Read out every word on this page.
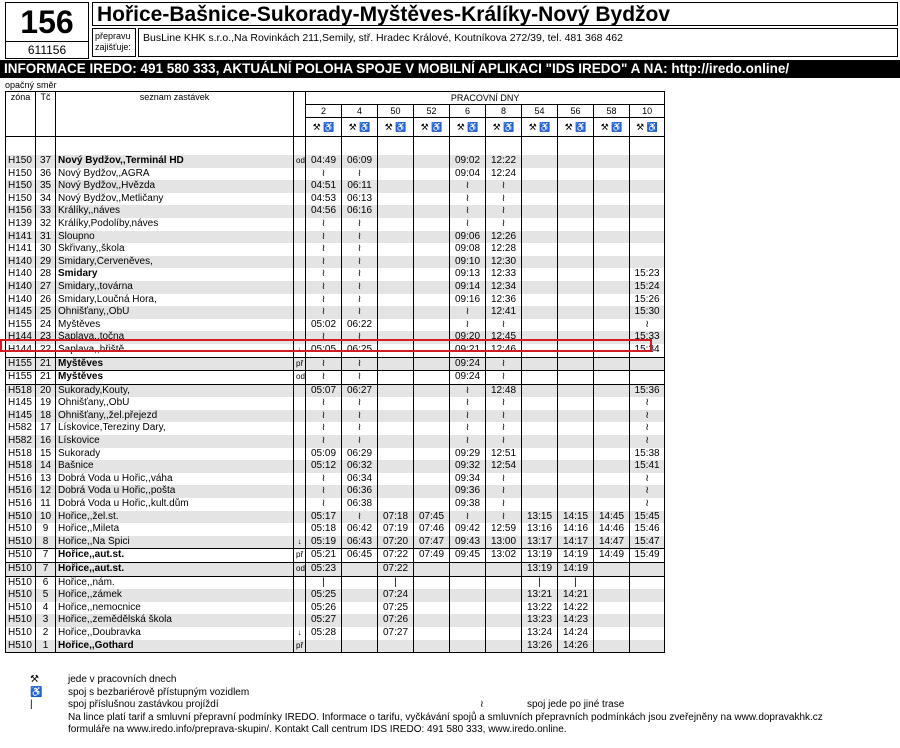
156
611156
Hořice-Bašnice-Sukorady-Myštěves-Králíky-Nový Bydžov
přepravu zajišťuje:
BusLine KHK s.r.o.,Na Rovinkách 211,Semily, stř. Hradec Králové, Koutníkova 272/39, tel. 481 368 462
INFORMACE IREDO: 491 580 333, AKTUÁLNÍ POLOHA SPOJE V MOBILNÍ APLIKACI "IDS IREDO" A NA: http://iredo.online/
opačný směr
zóna	Tč	seznam zastávek		PRACOVNÍ DNY									
				2	4	50	52	6	8	54	56	58	10
				⚒ ♿	⚒ ♿	⚒ ♿	⚒ ♿	⚒ ♿	⚒ ♿	⚒ ♿	⚒ ♿	⚒ ♿	⚒ ♿

H150	37	Nový Bydžov,,Terminál HD	od	04:49	06:09			09:02	12:22				
H150	36	Nový Bydžov,,AGRA		≀	≀			09:04	12:24				
H150	35	Nový Bydžov,,Hvězda		04:51	06:11			≀	≀				
H150	34	Nový Bydžov,,Metličany		04:53	06:13			≀	≀				
H156	33	Králíky,,náves		04:56	06:16			≀	≀				
H139	32	Králíky,Podolíby,náves		≀	≀			≀	≀				
H141	31	Sloupno		≀	≀			09:06	12:26				
H141	30	Skřivany,,škola		≀	≀			09:08	12:28				
H140	29	Smidary,Červeněves,		≀	≀			09:10	12:30				
H140	28	Smidary		≀	≀			09:13	12:33				15:23
H140	27	Smidary,,továrna		≀	≀			09:14	12:34				15:24
H140	26	Smidary,Loučná Hora,		≀	≀			09:16	12:36				15:26
H145	25	Ohnišťany,,ObÚ		≀	≀			≀	12:41				15:30
H155	24	Myštěves		05:02	06:22			≀	≀				≀
H144	23	Šaplava,,točna		≀	≀			09:20	12:45				15:33
H144	22	Šaplava,,hřiště	↓	05:05	06:25			09:21	12:46				15:34
H155	21	Myštěves	př	≀	≀			09:24	≀				
H155	21	Myštěves	od	≀	≀			09:24	≀				
H518	20	Sukorady,Kouty,		05:07	06:27			≀	12:48				15:36
H145	19	Ohnišťany,,ObÚ		≀	≀			≀	≀				≀
H145	18	Ohnišťany,,žel.přejezd		≀	≀			≀	≀				≀
H582	17	Lískovice,Tereziny Dary,		≀	≀			≀	≀				≀
H582	16	Lískovice		≀	≀			≀	≀				≀
H518	15	Sukorady		05:09	06:29			09:29	12:51				15:38
H518	14	Bašnice		05:12	06:32			09:32	12:54				15:41
H516	13	Dobrá Voda u Hořic,,váha		≀	06:34			09:34	≀				≀
H516	12	Dobrá Voda u Hořic,,pošta		≀	06:36			09:36	≀				≀
H516	11	Dobrá Voda u Hořic,,kult.dům		≀	06:38			09:38	≀				≀
H510	10	Hořice,,žel.st.		05:17	≀	07:18	07:45	≀	≀	13:15	14:15	14:45	15:45
H510	9	Hořice,,Mileta		05:18	06:42	07:19	07:46	09:42	12:59	13:16	14:16	14:46	15:46
H510	8	Hořice,,Na Špici	↓	05:19	06:43	07:20	07:47	09:43	13:00	13:17	14:17	14:47	15:47
H510	7	Hořice,,aut.st.	př	05:21	06:45	07:22	07:49	09:45	13:02	13:19	14:19	14:49	15:49
H510	7	Hořice,,aut.st.	od	05:23		07:22				13:19	14:19		
H510	6	Hořice,,nám.		|		|				|	|		
H510	5	Hořice,,zámek		05:25		07:24				13:21	14:21		
H510	4	Hořice,,nemocnice		05:26		07:25				13:22	14:22		
H510	3	Hořice,,zemědělská škola		05:27		07:26				13:23	14:23		
H510	2	Hořice,,Doubravka	↓	05:28		07:27				13:24	14:24		
H510	1	Hořice,,Gothard	př							13:26	14:26		
⚒	jede v pracovních dnech
♿	spoj s bezbariérově přístupným vozidlem
|	spoj příslušnou zastávkou projíždí	≀	spoj jede po jiné trase
Na lince platí tarif a smluvní přepravní podmínky IREDO. Informace o tarifu, vyčkávání spojů a smluvních přepravních podmínkách jsou zveřejněny na www.dopravakhk.cz
formuláře na www.iredo.info/preprava-skupin/. Kontakt Call centrum IDS IREDO: 491 580 333, www.iredo.online.
